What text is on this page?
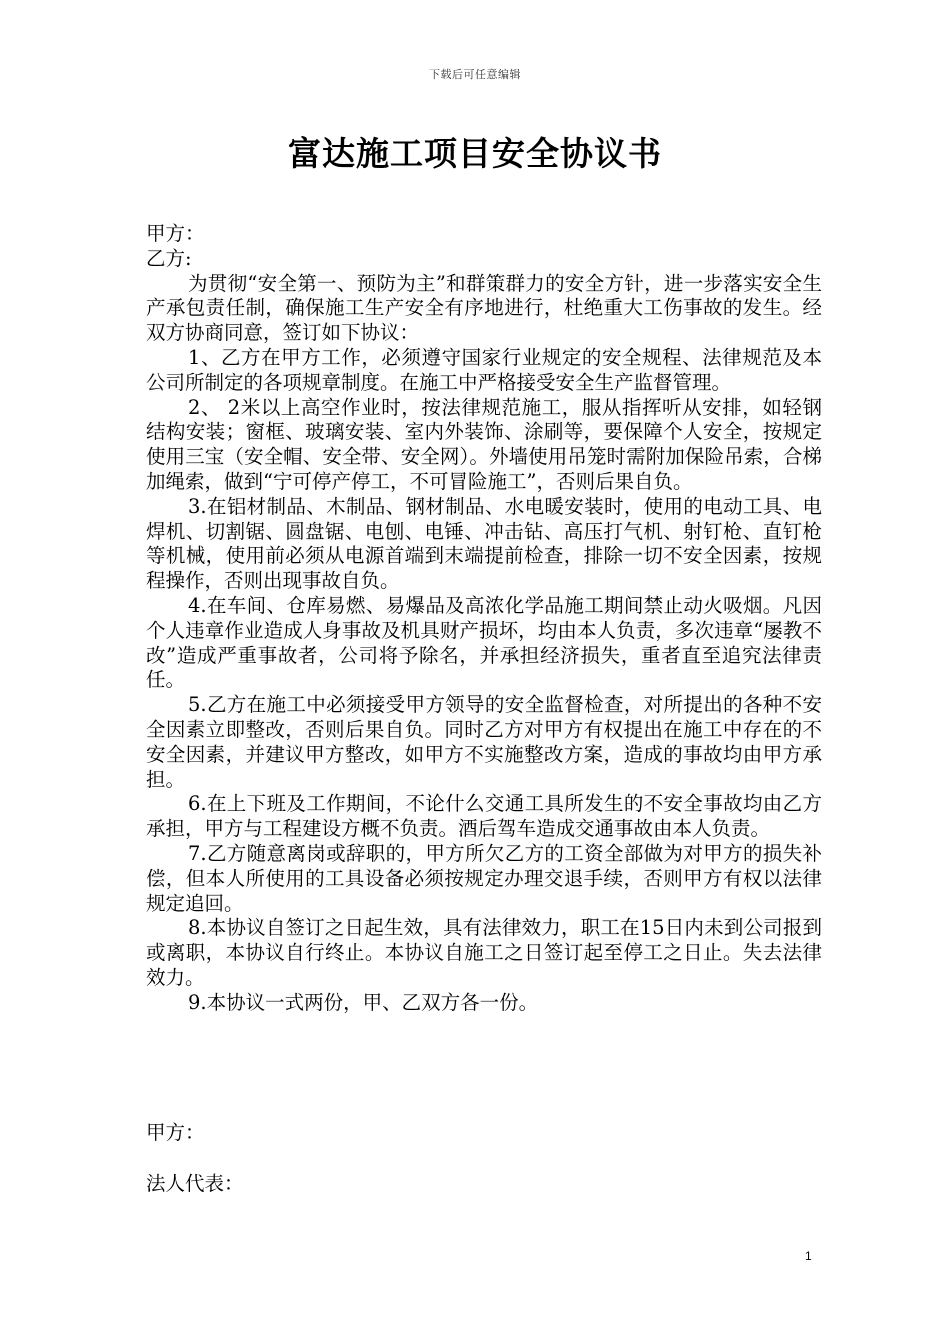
下载后可任意编辑
富达施工项目安全协议书

甲方：

乙方:

为贯彻“安全第一、预防为主”和群策群力的安全方针，进一步落实安全生产承包责任制，确保施工生产安全有序地进行，杜绝重大工伤事故的发生。经双方协商同意，签订如下协议：

1、乙方在甲方工作，必须遵守国家行业规定的安全规程、法律规范及本公司所制定的各项规章制度。在施工中严格接受安全生产监督管理。

2、 2米以上高空作业时，按法律规范施工，服从指挥听从安排，如轻钢结构安装；窗框、玻璃安装、室内外装饰、涂刷等，要保障个人安全，按规定使用三宝（安全帽、安全带、安全网）。外墙使用吊笼时需附加保险吊索，合梯加绳索，做到“宁可停产停工，不可冒险施工”，否则后果自负。

3.在铝材制品、木制品、钢材制品、水电暖安装时，使用的电动工具、电焊机、切割锯、圆盘锯、电刨、电锤、冲击钻、高压打气机、射钉枪、直钉枪等机械，使用前必须从电源首端到末端提前检查，排除一切不安全因素，按规程操作，否则出现事故自负。

4.在车间、仓库易燃、易爆品及高浓化学品施工期间禁止动火吸烟。凡因个人违章作业造成人身事故及机具财产损坏，均由本人负责，多次违章“屡教不改”造成严重事故者，公司将予除名，并承担经济损失，重者直至追究法律责任。

5.乙方在施工中必须接受甲方领导的安全监督检查，对所提出的各种不安全因素立即整改，否则后果自负。同时乙方对甲方有权提出在施工中存在的不安全因素，并建议甲方整改，如甲方不实施整改方案，造成的事故均由甲方承担。

6.在上下班及工作期间，不论什么交通工具所发生的不安全事故均由乙方承担，甲方与工程建设方概不负责。酒后驾车造成交通事故由本人负责。

7.乙方随意离岗或辞职的，甲方所欠乙方的工资全部做为对甲方的损失补偿，但本人所使用的工具设备必须按规定办理交退手续，否则甲方有权以法律规定追回。

8.本协议自签订之日起生效，具有法律效力，职工在15日内未到公司报到或离职，本协议自行终止。本协议自施工之日签订起至停工之日止。失去法律效力。

9.本协议一式两份，甲、乙双方各一份。

甲方：
法人代表：
1
